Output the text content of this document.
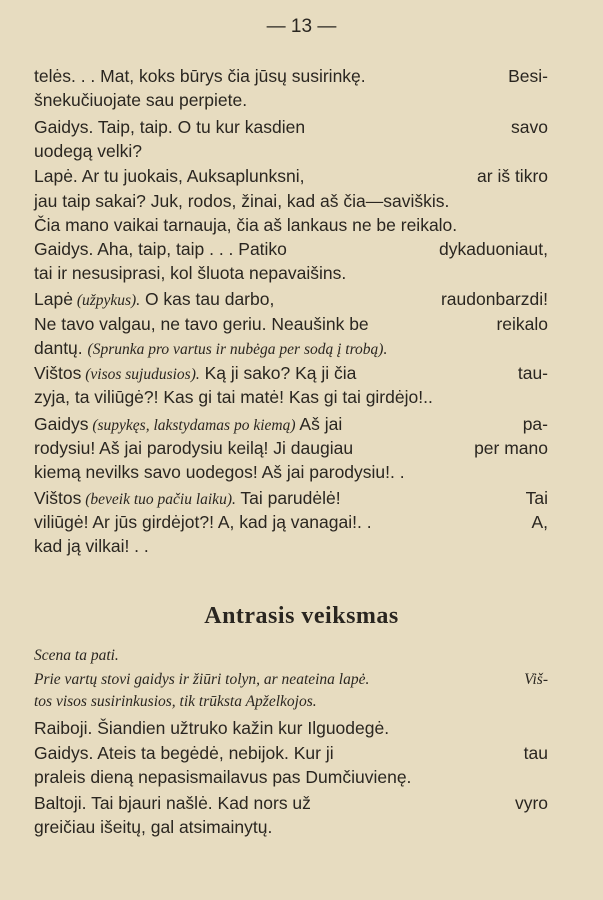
— 13 —
telės. . . Mat, koks būrys čia jūsų susirinkę.	Besi-
šnekučiuojate sau perpiete.
Gaidys. Taip, taip. O tu kur kasdien	savo
uodegą velki?
Lapė. Ar tu juokais, Auksaplunksni,	ar iš tikro
jau taip sakai? Juk, rodos, žinai, kad aš čia—saviškis.
Čia mano vaikai tarnauja, čia aš lankaus ne be reikalo.
Gaidys. Aha, taip, taip . . . Patiko	dykaduoniaut,
tai ir nesusiprasi, kol šluota nepavaišins.
Lapė (užpykus). O kas tau darbo,	raudonbarzdi!
Ne tavo valgau, ne tavo geriu. Neaušink be	reikalo
dantų. (Sprunka pro vartus ir nubėga per sodą į trobą).
Vištos (visos sujudusios). Ką ji sako? Ką ji čia	tau-
zyja, ta viliūgė?! Kas gi tai matė! Kas gi tai girdėjo!..
Gaidys (supykęs, lakstydamas po kiemą) Aš jai	pa-
rodysiu! Aš jai parodysiu keilą! Ji daugiau	per mano
kiemą nevilks savo uodegos! Aš jai parodysiu!. .
Vištos (beveik tuo pačiu laiku). Tai parudėlė!	Tai
viliūgė! Ar jūs girdėjot?! A, kad ją vanagai!. .	A,
kad ją vilkai! . .
Antrasis veiksmas
Scena ta pati.
Prie vartų stovi gaidys ir žiūri tolyn, ar neateina lapė.	Viš-
tos visos susirinkusios, tik trūksta Apželkojos.
Raiboji. Šiandien užtruko kažin kur Ilguodegė.
Gaidys. Ateis ta begėdė, nebijok. Kur ji	tau
praleis dieną nepasismailavus pas Dumčiuvienę.
Baltoji. Tai bjauri našlė. Kad nors už	vyro
greičiau išeitų, gal atsimainytų.
